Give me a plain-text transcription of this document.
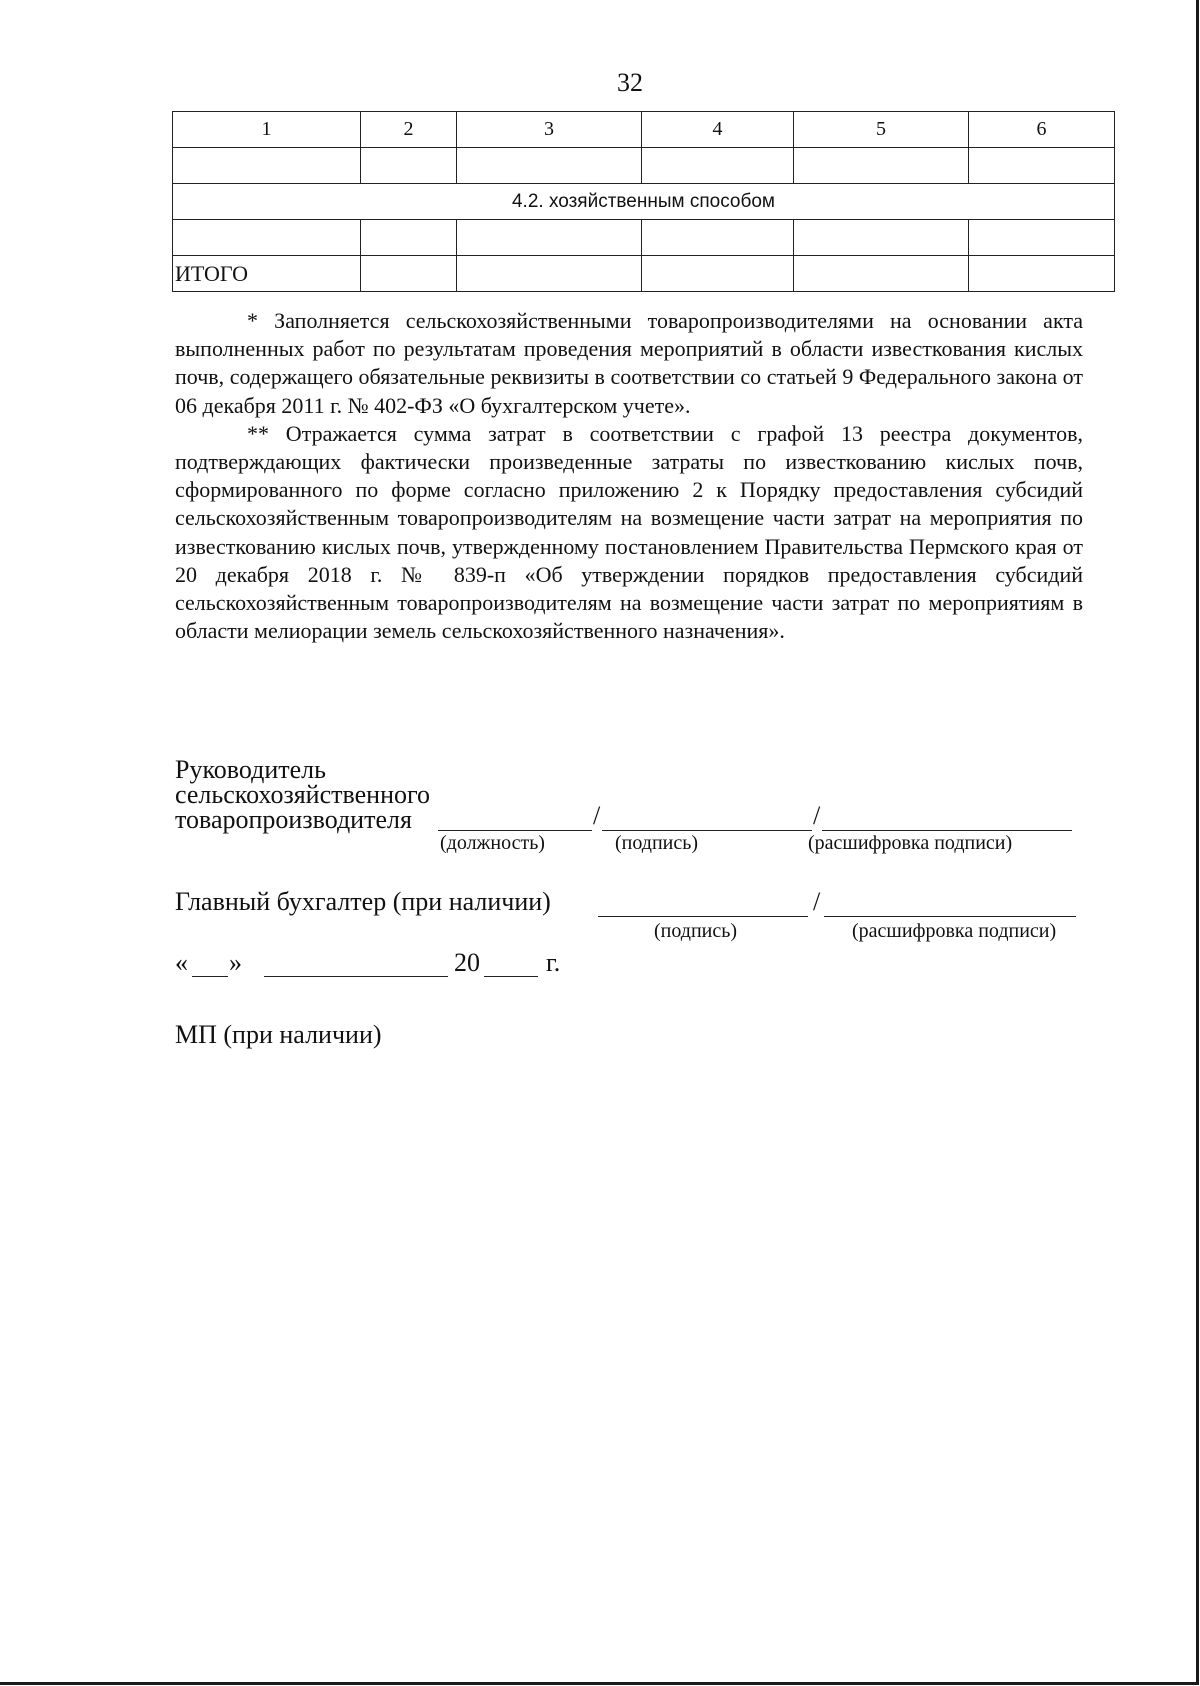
32
1	2	3	4	5	6

4.2. хозяйственным способом					

ИТОГО					

* Заполняется сельскохозяйственными товаропроизводителями на основании акта выполненных работ по результатам проведения мероприятий в области известкования кислых почв, содержащего обязательные реквизиты в соответствии со статьей 9 Федерального закона от 06 декабря 2011 г. № 402-ФЗ «О бухгалтерском учете».

** Отражается сумма затрат в соответствии с графой 13 реестра документов, подтверждающих фактически произведенные затраты по известкованию кислых почв, сформированного по форме согласно приложению 2 к Порядку предоставления субсидий сельскохозяйственным товаропроизводителям на возмещение части затрат на мероприятия по известкованию кислых почв, утвержденному постановлением Правительства Пермского края от 20 декабря 2018 г. № 839-п «Об утверждении порядков предоставления субсидий сельскохозяйственным товаропроизводителям на возмещение части затрат по мероприятиям в области мелиорации земель сельскохозяйственного назначения».

Руководитель
сельскохозяйственного
товаропроизводителя	/	/
(должность)	(подпись)	(расшифровка подписи)
Главный бухгалтер (при наличии)	/
(подпись)	(расшифровка подписи)
« »	20	г.
МП (при наличии)
